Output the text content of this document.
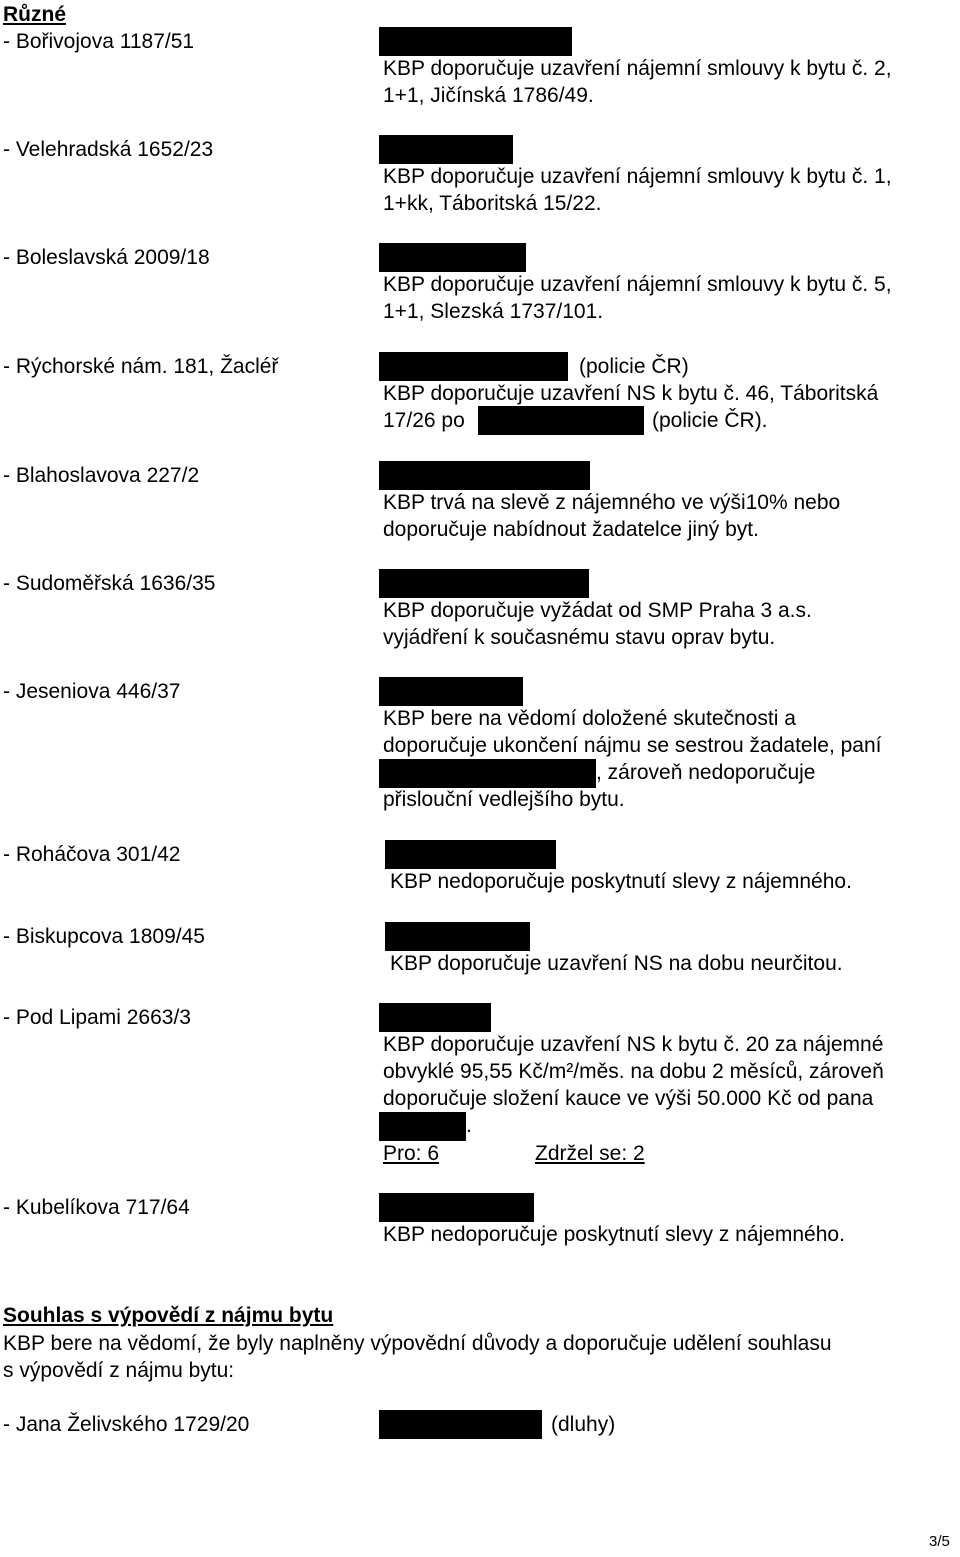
Různé
- Bořivojova 1187/51
KBP doporučuje uzavření nájemní smlouvy k bytu č. 2,
1+1, Jičínská 1786/49.
- Velehradská 1652/23
KBP doporučuje uzavření nájemní smlouvy k bytu č. 1,
1+kk, Táboritská 15/22.
- Boleslavská 2009/18
KBP doporučuje uzavření nájemní smlouvy k bytu č. 5,
1+1, Slezská 1737/101.
- Rýchorské nám. 181, Žacléř	(policie ČR)
KBP doporučuje uzavření NS k bytu č. 46, Táboritská
17/26 po	(policie ČR).
- Blahoslavova 227/2
KBP trvá na slevě z nájemného ve výši10% nebo
doporučuje nabídnout žadatelce jiný byt.
- Sudoměřská 1636/35
KBP doporučuje vyžádat od SMP Praha 3 a.s.
vyjádření k současnému stavu oprav bytu.
- Jeseniova 446/37
KBP bere na vědomí doložené skutečnosti a
doporučuje ukončení nájmu se sestrou žadatele, paní
, zároveň nedoporučuje
přislouční vedlejšího bytu.
- Roháčova 301/42
KBP nedoporučuje poskytnutí slevy z nájemného.
- Biskupcova 1809/45
KBP doporučuje uzavření NS na dobu neurčitou.
- Pod Lipami 2663/3
KBP doporučuje uzavření NS k bytu č. 20 za nájemné
obvyklé 95,55 Kč/m²/měs. na dobu 2 měsíců, zároveň
doporučuje složení kauce ve výši 50.000 Kč od pana
.
Pro: 6	Zdržel se: 2
- Kubelíkova 717/64
KBP nedoporučuje poskytnutí slevy z nájemného.
Souhlas s výpovědí z nájmu bytu
KBP bere na vědomí, že byly naplněny výpovědní důvody a doporučuje udělení souhlasu
s výpovědí z nájmu bytu:
- Jana Želivského 1729/20	(dluhy)
3/5
